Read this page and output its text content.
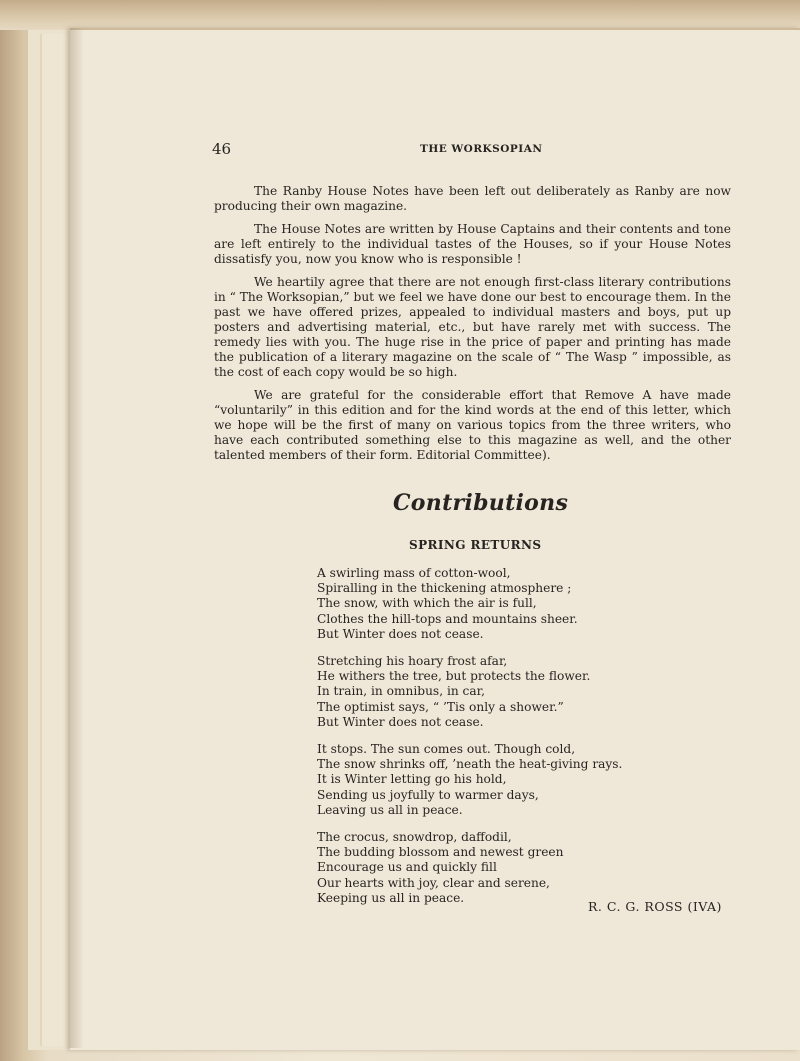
46	THE WORKSOPIAN

The Ranby House Notes have been left out deliberately as Ranby are now producing their own magazine.

The House Notes are written by House Captains and their contents and tone are left entirely to the individual tastes of the Houses, so if your House Notes dissatisfy you, now you know who is responsible !

We heartily agree that there are not enough first-class literary contributions in “ The Worksopian,” but we feel we have done our best to encourage them. In the past we have offered prizes, appealed to individual masters and boys, put up posters and advertising material, etc., but have rarely met with success. The remedy lies with you. The huge rise in the price of paper and printing has made the publication of a literary magazine on the scale of “ The Wasp ” impossible, as the cost of each copy would be so high.

We are grateful for the considerable effort that Remove A have made “voluntarily” in this edition and for the kind words at the end of this letter, which we hope will be the first of many on various topics from the three writers, who have each contributed something else to this magazine as well, and the other talented members of their form. Editorial Committee).

Contributions
SPRING RETURNS
A swirling mass of cotton-wool,
Spiralling in the thickening atmosphere ;
The snow, with which the air is full,
Clothes the hill-tops and mountains sheer.
But Winter does not cease.
Stretching his hoary frost afar,
He withers the tree, but protects the flower.
In train, in omnibus, in car,
The optimist says, “ ’Tis only a shower.”
But Winter does not cease.
It stops. The sun comes out. Though cold,
The snow shrinks off, ’neath the heat-giving rays.
It is Winter letting go his hold,
Sending us joyfully to warmer days,
Leaving us all in peace.
The crocus, snowdrop, daffodil,
The budding blossom and newest green
Encourage us and quickly fill
Our hearts with joy, clear and serene,
Keeping us all in peace.
R. C. G. ROSS (IVA)
